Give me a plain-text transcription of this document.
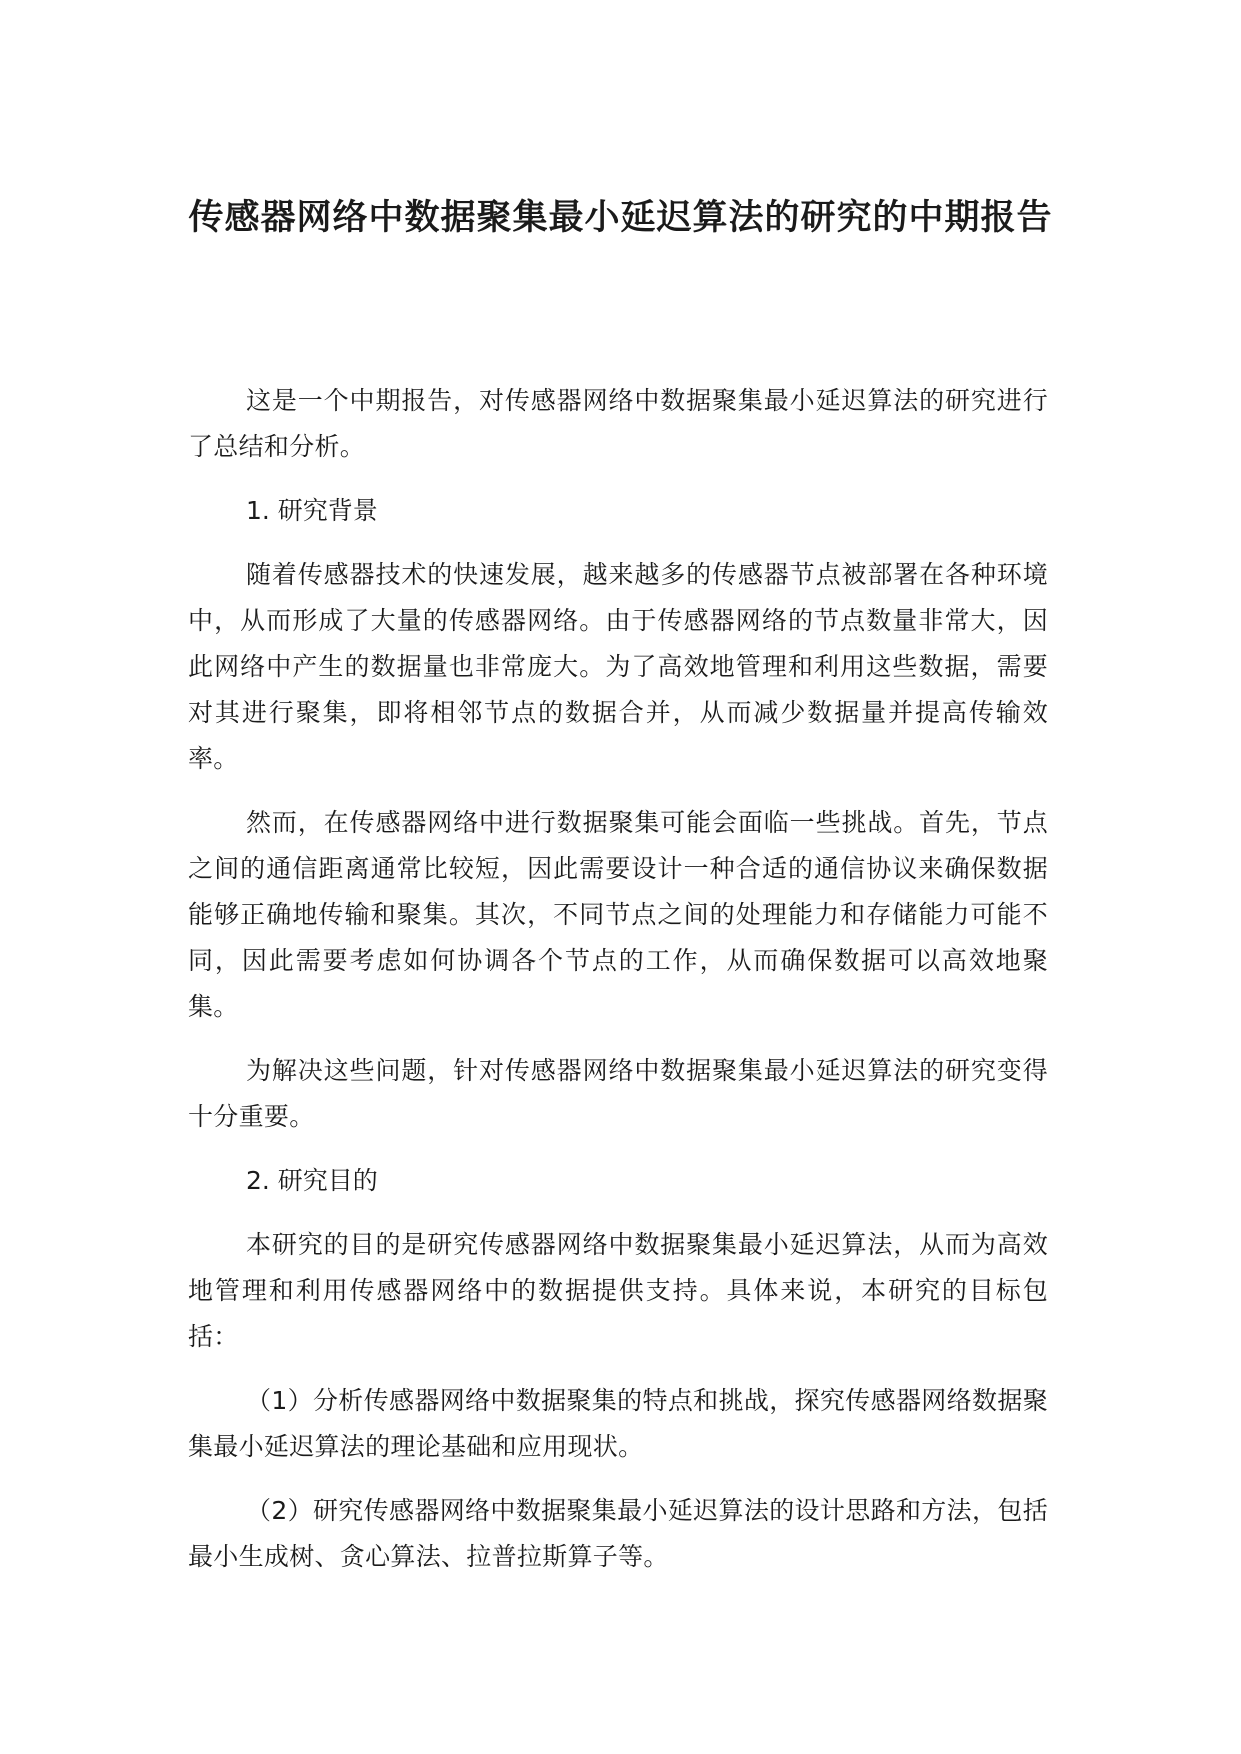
传感器网络中数据聚集最小延迟算法的研究的中期报告

这是一个中期报告，对传感器网络中数据聚集最小延迟算法的研究进行了总结和分析。

1. 研究背景

随着传感器技术的快速发展，越来越多的传感器节点被部署在各种环境中，从而形成了大量的传感器网络。由于传感器网络的节点数量非常大，因此网络中产生的数据量也非常庞大。为了高效地管理和利用这些数据，需要对其进行聚集，即将相邻节点的数据合并，从而减少数据量并提高传输效率。

然而，在传感器网络中进行数据聚集可能会面临一些挑战。首先，节点之间的通信距离通常比较短，因此需要设计一种合适的通信协议来确保数据能够正确地传输和聚集。其次，不同节点之间的处理能力和存储能力可能不同，因此需要考虑如何协调各个节点的工作，从而确保数据可以高效地聚集。

为解决这些问题，针对传感器网络中数据聚集最小延迟算法的研究变得十分重要。

2. 研究目的

本研究的目的是研究传感器网络中数据聚集最小延迟算法，从而为高效地管理和利用传感器网络中的数据提供支持。具体来说，本研究的目标包括：

（1）分析传感器网络中数据聚集的特点和挑战，探究传感器网络数据聚集最小延迟算法的理论基础和应用现状。

（2）研究传感器网络中数据聚集最小延迟算法的设计思路和方法，包括最小生成树、贪心算法、拉普拉斯算子等。
